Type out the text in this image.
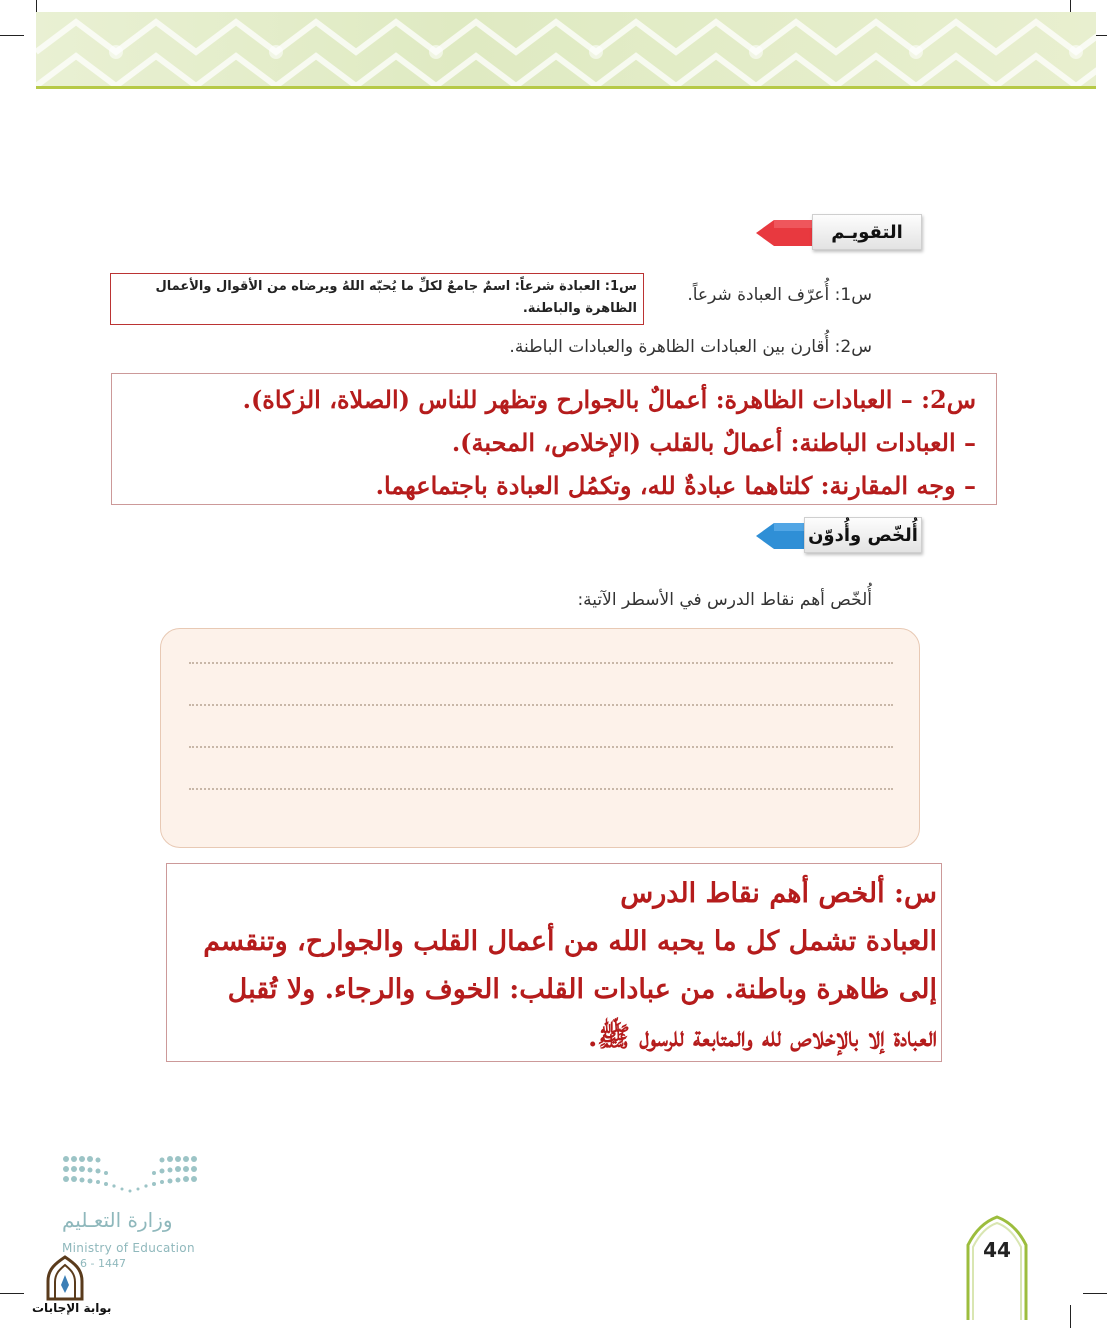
التقويـم
س1: أُعرّف العبادة شرعاً.
س1: العبادة شرعاً: اسمٌ جامعٌ لكلِّ ما يُحبّه اللهُ ويرضاه من الأقوال والأعمال الظاهرة والباطنة.
س2: أُقارن بين العبادات الظاهرة والعبادات الباطنة.
س2: – العبادات الظاهرة: أعمالٌ بالجوارح وتظهر للناس (الصلاة، الزكاة).
– العبادات الباطنة: أعمالٌ بالقلب (الإخلاص، المحبة).
– وجه المقارنة: كلتاهما عبادةٌ لله، وتكمُل العبادة باجتماعهما.
أُلخّص وأُدوّن
أُلخّص أهم نقاط الدرس في الأسطر الآتية:
س: ألخص أهم نقاط الدرس
العبادة تشمل كل ما يحبه الله من أعمال القلب والجوارح، وتنقسم
إلى ظاهرة وباطنة. من عبادات القلب: الخوف والرجاء. ولا تُقبل
العبادة إلا بالإخلاص لله والمتابعة للرسول ﷺ.
وزارة التعـليم
Ministry of Education
6 - 1447
بوابة الإجابات
44
